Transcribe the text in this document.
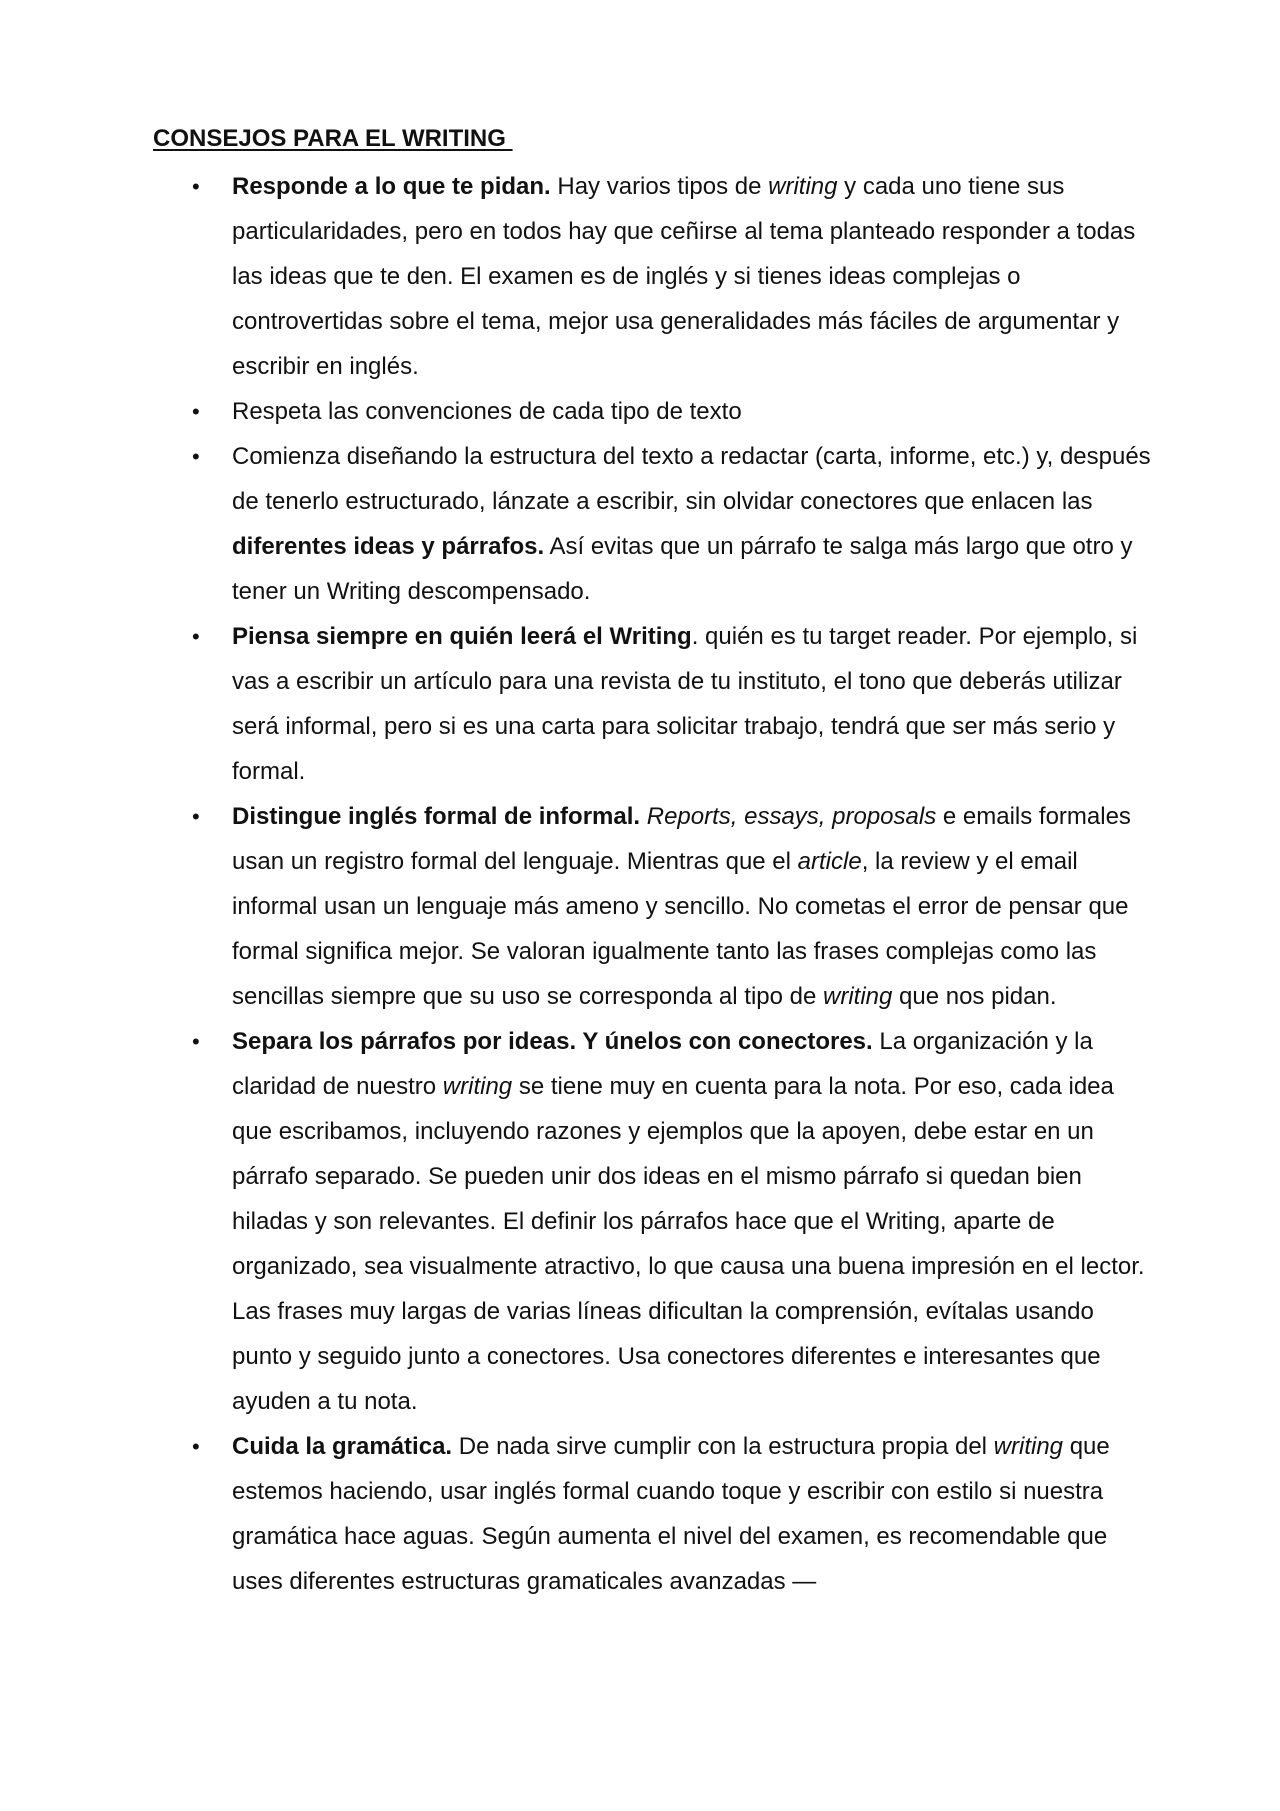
CONSEJOS PARA EL WRITING
• Responde a lo que te pidan. Hay varios tipos de writing y cada uno tiene sus particularidades, pero en todos hay que ceñirse al tema planteado responder a todas las ideas que te den. El examen es de inglés y si tienes ideas complejas o controvertidas sobre el tema, mejor usa generalidades más fáciles de argumentar y escribir en inglés.
• Respeta las convenciones de cada tipo de texto
• Comienza diseñando la estructura del texto a redactar (carta, informe, etc.) y, después de tenerlo estructurado, lánzate a escribir, sin olvidar conectores que enlacen las diferentes ideas y párrafos. Así evitas que un párrafo te salga más largo que otro y tener un Writing descompensado.
• Piensa siempre en quién leerá el Writing. quién es tu target reader. Por ejemplo, si vas a escribir un artículo para una revista de tu instituto, el tono que deberás utilizar será informal, pero si es una carta para solicitar trabajo, tendrá que ser más serio y formal.
• Distingue inglés formal de informal. Reports, essays, proposals e emails formales usan un registro formal del lenguaje. Mientras que el article, la review y el email informal usan un lenguaje más ameno y sencillo. No cometas el error de pensar que formal significa mejor. Se valoran igualmente tanto las frases complejas como las sencillas siempre que su uso se corresponda al tipo de writing que nos pidan.
• Separa los párrafos por ideas. Y únelos con conectores. La organización y la claridad de nuestro writing se tiene muy en cuenta para la nota. Por eso, cada idea que escribamos, incluyendo razones y ejemplos que la apoyen, debe estar en un párrafo separado. Se pueden unir dos ideas en el mismo párrafo si quedan bien hiladas y son relevantes. El definir los párrafos hace que el Writing, aparte de organizado, sea visualmente atractivo, lo que causa una buena impresión en el lector. Las frases muy largas de varias líneas dificultan la comprensión, evítalas usando punto y seguido junto a conectores. Usa conectores diferentes e interesantes que ayuden a tu nota.
• Cuida la gramática. De nada sirve cumplir con la estructura propia del writing que estemos haciendo, usar inglés formal cuando toque y escribir con estilo si nuestra gramática hace aguas. Según aumenta el nivel del examen, es recomendable que uses diferentes estructuras gramaticales avanzadas —
